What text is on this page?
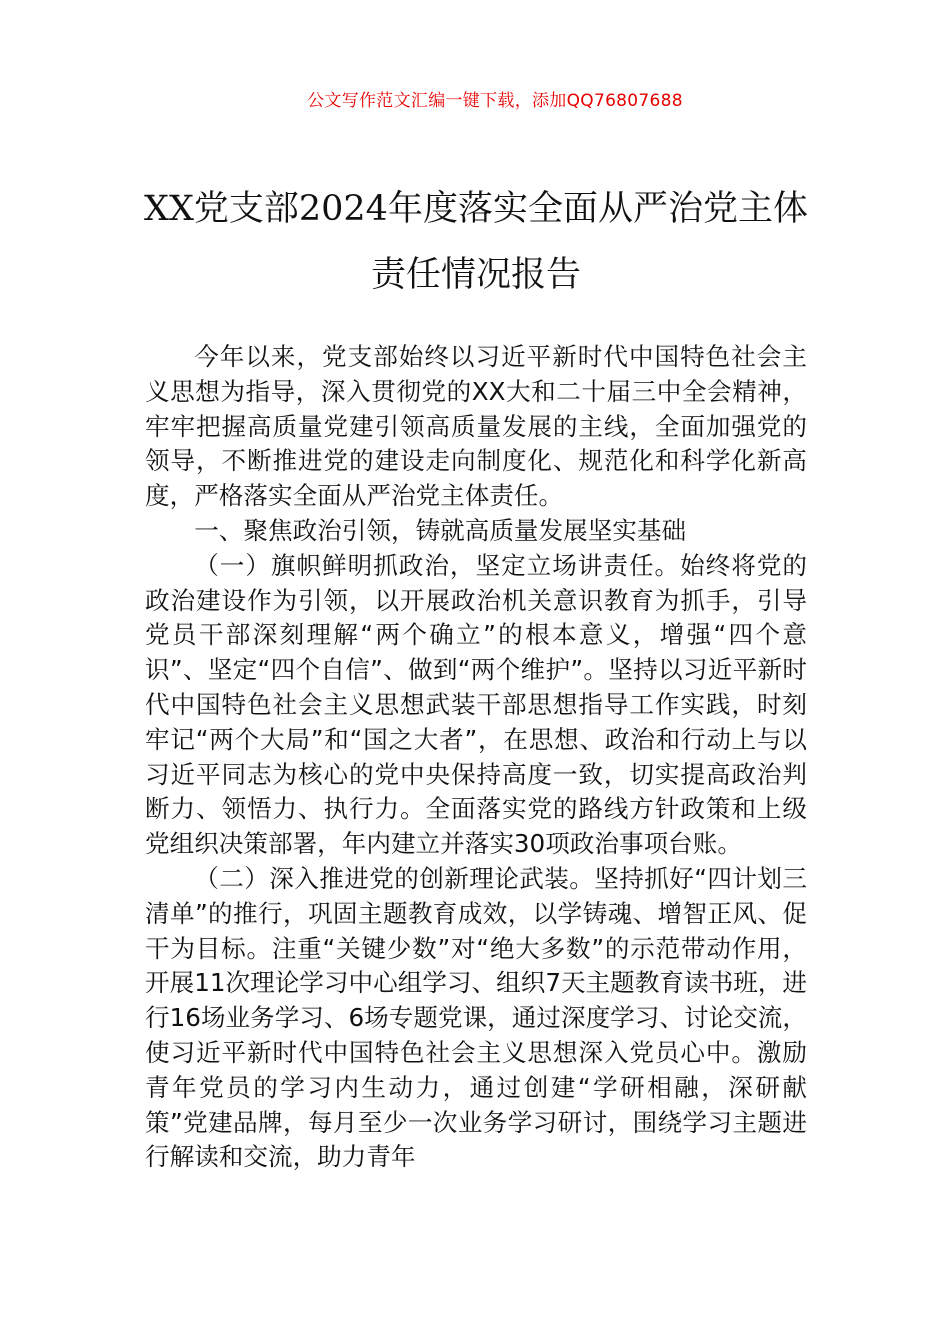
公文写作范文汇编一键下载，添加QQ76807688
XX党支部2024年度落实全面从严治党主体责任情况报告

今年以来，党支部始终以习近平新时代中国特色社会主义思想为指导，深入贯彻党的XX大和二十届三中全会精神，牢牢把握高质量党建引领高质量发展的主线，全面加强党的领导，不断推进党的建设走向制度化、规范化和科学化新高度，严格落实全面从严治党主体责任。

一、聚焦政治引领，铸就高质量发展坚实基础

（一）旗帜鲜明抓政治，坚定立场讲责任。始终将党的政治建设作为引领，以开展政治机关意识教育为抓手，引导党员干部深刻理解“两个确立”的根本意义，增强“四个意识”、坚定“四个自信”、做到“两个维护”。坚持以习近平新时代中国特色社会主义思想武装干部思想指导工作实践，时刻牢记“两个大局”和“国之大者”，在思想、政治和行动上与以习近平同志为核心的党中央保持高度一致，切实提高政治判断力、领悟力、执行力。全面落实党的路线方针政策和上级党组织决策部署，年内建立并落实30项政治事项台账。

（二）深入推进党的创新理论武装。坚持抓好“四计划三清单”的推行，巩固主题教育成效，以学铸魂、增智正风、促干为目标。注重“关键少数”对“绝大多数”的示范带动作用，开展11次理论学习中心组学习、组织7天主题教育读书班，进行16场业务学习、6场专题党课，通过深度学习、讨论交流，使习近平新时代中国特色社会主义思想深入党员心中。激励青年党员的学习内生动力，通过创建“学研相融，深研献策”党建品牌，每月至少一次业务学习研讨，围绕学习主题进行解读和交流，助力青年
